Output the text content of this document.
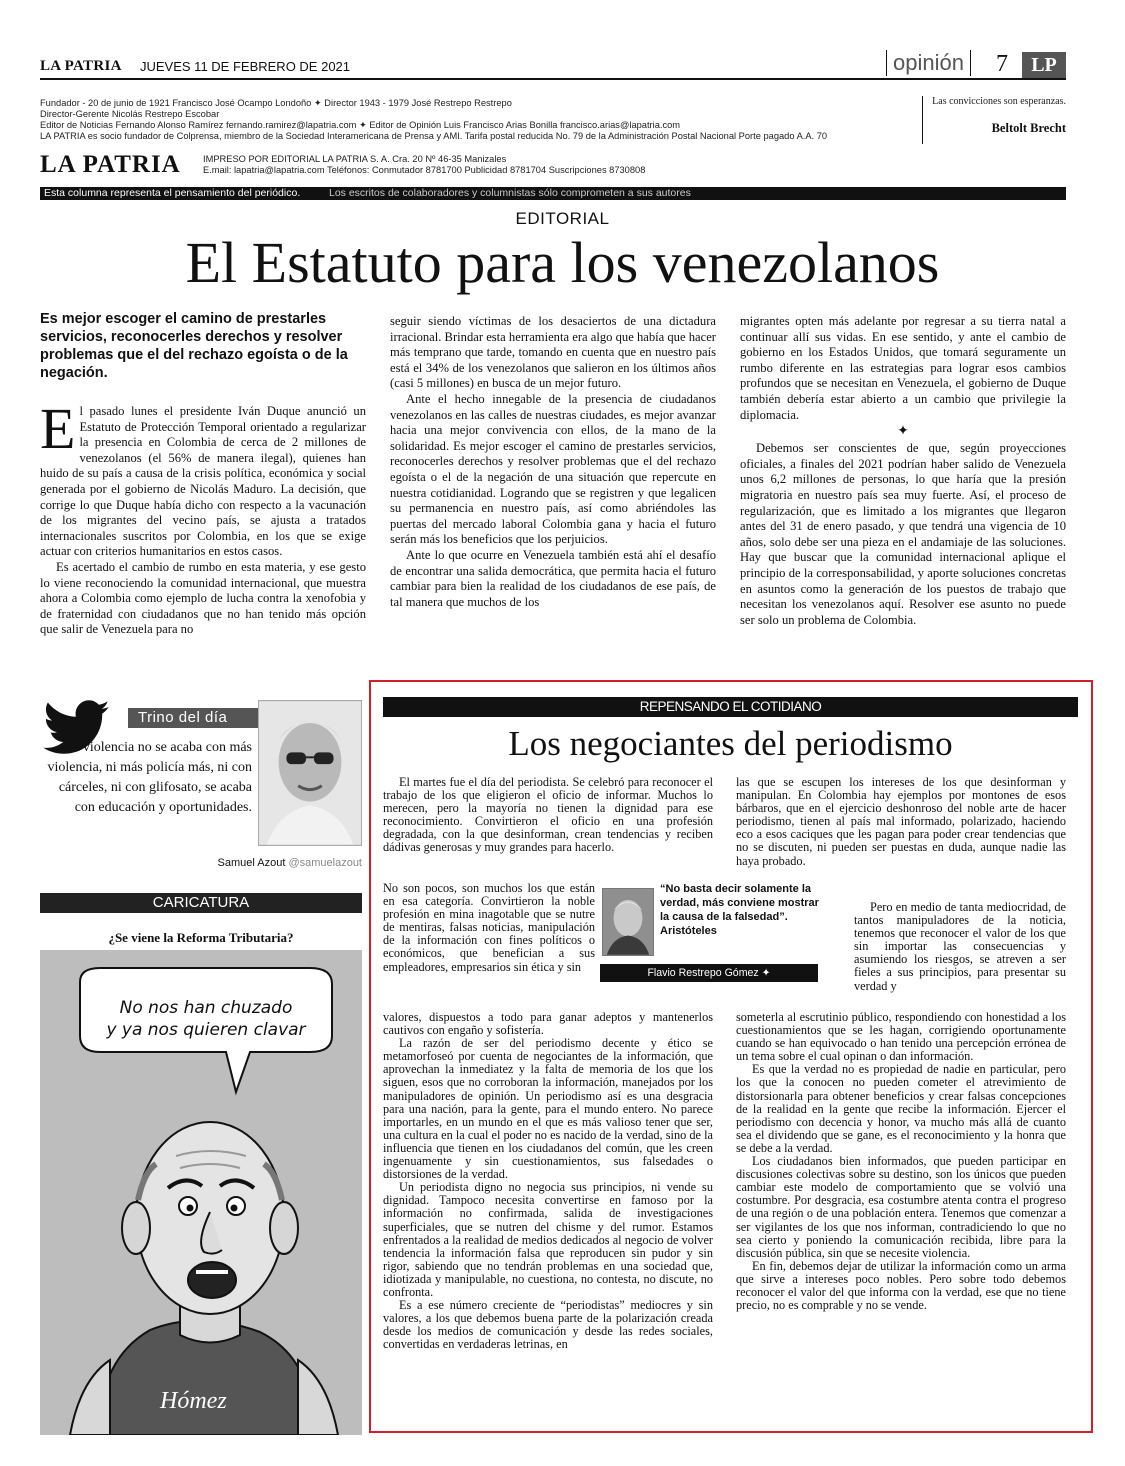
LA PATRIA JUEVES 11 DE FEBRERO DE 2021	opinión 7	LP
Fundador - 20 de junio de 1921 Francisco José Ocampo Londoño ✦ Director 1943 - 1979 José Restrepo Restrepo
Director-Gerente Nicolás Restrepo Escobar
Editor de Noticias Fernando Alonso Ramírez fernando.ramirez@lapatria.com ✦ Editor de Opinión Luis Francisco Arias Bonilla francisco.arias@lapatria.com
LA PATRIA es socio fundador de Colprensa, miembro de la Sociedad Interamericana de Prensa y AMI. Tarifa postal reducida No. 79 de la Administración Postal Nacional Porte pagado A.A. 70
Las convicciones son esperanzas.
Beltolt Brecht
LA PATRIA IMPRESO POR EDITORIAL LA PATRIA S. A. Cra. 20 Nº 46-35 Manizales
E.mail: lapatria@lapatria.com Teléfonos: Conmutador 8781700 Publicidad 8781704 Suscripciones 8730808
Esta columna representa el pensamiento del periódico.	Los escritos de colaboradores y columnistas sólo comprometen a sus autores
EDITORIAL
El Estatuto para los venezolanos
Es mejor escoger el camino de prestarles servicios, reconocerles derechos y resolver problemas que el del rechazo egoísta o de la negación.

El pasado lunes el presidente Iván Duque anunció un Estatuto de Protección Temporal orientado a regularizar la presencia en Colombia de cerca de 2 millones de venezolanos (el 56% de manera ilegal), quienes han huido de su país a causa de la crisis política, económica y social generada por el gobierno de Nicolás Maduro. La decisión, que corrige lo que Duque había dicho con respecto a la vacunación de los migrantes del vecino país, se ajusta a tratados internacionales suscritos por Colombia, en los que se exige actuar con criterios humanitarios en estos casos.

Es acertado el cambio de rumbo en esta materia, y ese gesto lo viene reconociendo la comunidad internacional, que muestra ahora a Colombia como ejemplo de lucha contra la xenofobia y de fraternidad con ciudadanos que no han tenido más opción que salir de Venezuela para no

seguir siendo víctimas de los desaciertos de una dictadura irracional. Brindar esta herramienta era algo que había que hacer más temprano que tarde, tomando en cuenta que en nuestro país está el 34% de los venezolanos que salieron en los últimos años (casi 5 millones) en busca de un mejor futuro.

Ante el hecho innegable de la presencia de ciudadanos venezolanos en las calles de nuestras ciudades, es mejor avanzar hacia una mejor convivencia con ellos, de la mano de la solidaridad. Es mejor escoger el camino de prestarles servicios, reconocerles derechos y resolver problemas que el del rechazo egoísta o el de la negación de una situación que repercute en nuestra cotidianidad. Logrando que se registren y que legalicen su permanencia en nuestro país, así como abriéndoles las puertas del mercado laboral Colombia gana y hacia el futuro serán más los beneficios que los perjuicios.

Ante lo que ocurre en Venezuela también está ahí el desafío de encontrar una salida democrática, que permita hacia el futuro cambiar para bien la realidad de los ciudadanos de ese país, de tal manera que muchos de los

migrantes opten más adelante por regresar a su tierra natal a continuar allí sus vidas. En ese sentido, y ante el cambio de gobierno en los Estados Unidos, que tomará seguramente un rumbo diferente en las estrategias para lograr esos cambios profundos que se necesitan en Venezuela, el gobierno de Duque también debería estar abierto a un cambio que privilegie la diplomacia.

✦

Debemos ser conscientes de que, según proyecciones oficiales, a finales del 2021 podrían haber salido de Venezuela unos 6,2 millones de personas, lo que haría que la presión migratoria en nuestro país sea muy fuerte. Así, el proceso de regularización, que es limitado a los migrantes que llegaron antes del 31 de enero pasado, y que tendrá una vigencia de 10 años, solo debe ser una pieza en el andamiaje de las soluciones. Hay que buscar que la comunidad internacional aplique el principio de la corresponsabilidad, y aporte soluciones concretas en asuntos como la generación de los puestos de trabajo que necesitan los venezolanos aquí. Resolver ese asunto no puede ser solo un problema de Colombia.

Trino del día
La violencia no se acaba con más violencia, ni más policía más, ni con cárceles, ni con glifosato, se acaba con educación y oportunidades.
Samuel Azout @samuelazout
CARICATURA
¿Se viene la Reforma Tributaria?
No nos han chuzado
y ya nos quieren clavar
Hómez
REPENSANDO EL COTIDIANO
Los negociantes del periodismo

El martes fue el día del periodista. Se celebró para reconocer el trabajo de los que eligieron el oficio de informar. Muchos lo merecen, pero la mayoría no tienen la dignidad para ese reconocimiento. Convirtieron el oficio en una profesión degradada, con la que desinforman, crean tendencias y reciben dádivas generosas y muy grandes para hacerlo.

No son pocos, son muchos los que están en esa categoría. Convirtieron la noble profesión en mina inagotable que se nutre de mentiras, falsas noticias, manipulación de la información con fines políticos o económicos, que benefician a sus empleadores, empresarios sin ética y sin

valores, dispuestos a todo para ganar adeptos y mantenerlos cautivos con engaño y sofistería.

La razón de ser del periodismo decente y ético se metamorfoseó por cuenta de negociantes de la información, que aprovechan la inmediatez y la falta de memoria de los que los siguen, esos que no corroboran la información, manejados por los manipuladores de opinión. Un periodismo así es una desgracia para una nación, para la gente, para el mundo entero. No parece importarles, en un mundo en el que es más valioso tener que ser, una cultura en la cual el poder no es nacido de la verdad, sino de la influencia que tienen en los ciudadanos del común, que les creen ingenuamente y sin cuestionamientos, sus falsedades o distorsiones de la verdad.

Un periodista digno no negocia sus principios, ni vende su dignidad. Tampoco necesita convertirse en famoso por la información no confirmada, salida de investigaciones superficiales, que se nutren del chisme y del rumor. Estamos enfrentados a la realidad de medios dedicados al negocio de volver tendencia la información falsa que reproducen sin pudor y sin rigor, sabiendo que no tendrán problemas en una sociedad que, idiotizada y manipulable, no cuestiona, no contesta, no discute, no confronta.

Es a ese número creciente de “periodistas” mediocres y sin valores, a los que debemos buena parte de la polarización creada desde los medios de comunicación y desde las redes sociales, convertidas en verdaderas letrinas, en

las que se escupen los intereses de los que desinforman y manipulan. En Colombia hay ejemplos por montones de esos bárbaros, que en el ejercicio deshonroso del noble arte de hacer periodismo, tienen al país mal informado, polarizado, haciendo eco a esos caciques que les pagan para poder crear tendencias que no se discuten, ni pueden ser puestas en duda, aunque nadie las haya probado.

Pero en medio de tanta mediocridad, de tantos manipuladores de la noticia, tenemos que reconocer el valor de los que sin importar las consecuencias y asumiendo los riesgos, se atreven a ser fieles a sus principios, para presentar su verdad y

someterla al escrutinio público, respondiendo con honestidad a los cuestionamientos que se les hagan, corrigiendo oportunamente cuando se han equivocado o han tenido una percepción errónea de un tema sobre el cual opinan o dan información.

Es que la verdad no es propiedad de nadie en particular, pero los que la conocen no pueden cometer el atrevimiento de distorsionarla para obtener beneficios y crear falsas concepciones de la realidad en la gente que recibe la información. Ejercer el periodismo con decencia y honor, va mucho más allá de cuanto sea el dividendo que se gane, es el reconocimiento y la honra que se debe a la verdad.

Los ciudadanos bien informados, que pueden participar en discusiones colectivas sobre su destino, son los únicos que pueden cambiar este modelo de comportamiento que se volvió una costumbre. Por desgracia, esa costumbre atenta contra el progreso de una región o de una población entera. Tenemos que comenzar a ser vigilantes de los que nos informan, contradiciendo lo que no sea cierto y poniendo la comunicación recibida, libre para la discusión pública, sin que se necesite violencia.

En fin, debemos dejar de utilizar la información como un arma que sirve a intereses poco nobles. Pero sobre todo debemos reconocer el valor del que informa con la verdad, ese que no tiene precio, no es comprable y no se vende.

“No basta decir solamente la verdad, más conviene mostrar la causa de la falsedad”.
Aristóteles
Flavio Restrepo Gómez ✦ @RepensandoElCot
